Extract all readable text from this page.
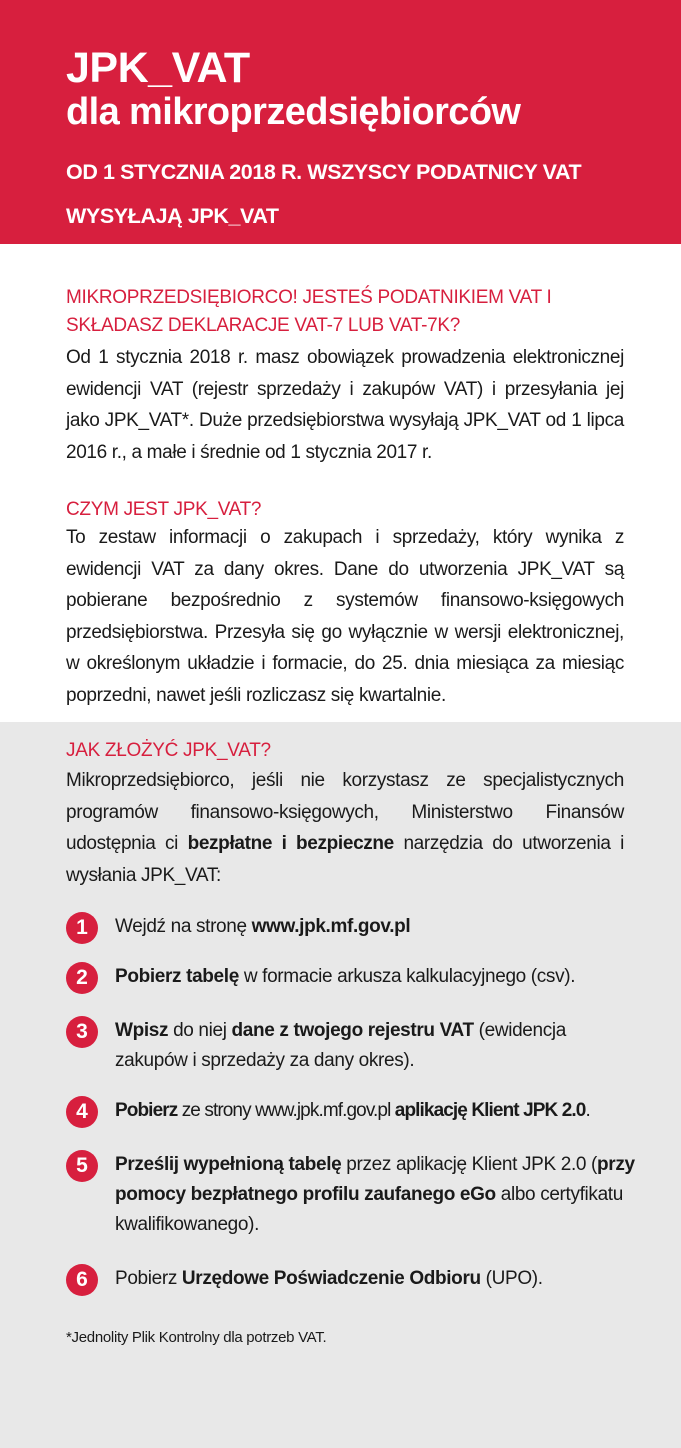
JPK_VAT
dla mikroprzedsiębiorców
OD 1 STYCZNIA 2018 R. WSZYSCY PODATNICY VAT WYSYŁAJĄ JPK_VAT
MIKROPRZEDSIĘBIORCO! JESTEŚ PODATNIKIEM VAT I SKŁADASZ DEKLARACJE VAT-7 LUB VAT-7K?
Od 1 stycznia 2018 r. masz obowiązek prowadzenia elektronicznej ewidencji VAT (rejestr sprzedaży i zakupów VAT) i przesyłania jej jako JPK_VAT*. Duże przedsiębiorstwa wysyłają JPK_VAT od 1 lipca 2016 r., a małe i średnie od 1 stycznia 2017 r.
CZYM JEST JPK_VAT?
To zestaw informacji o zakupach i sprzedaży, który wynika z ewidencji VAT za dany okres. Dane do utworzenia JPK_VAT są pobierane bezpośrednio z systemów finansowo-księgowych przedsiębiorstwa. Przesyła się go wyłącznie w wersji elektronicznej, w określonym układzie i formacie, do 25. dnia miesiąca za miesiąc poprzedni, nawet jeśli rozliczasz się kwartalnie.
JAK ZŁOŻYĆ JPK_VAT?
Mikroprzedsiębiorco, jeśli nie korzystasz ze specjalistycznych programów finansowo-księgowych, Ministerstwo Finansów udostępnia ci bezpłatne i bezpieczne narzędzia do utworzenia i wysłania JPK_VAT:
1	Wejdź na stronę www.jpk.mf.gov.pl
2	Pobierz tabelę w formacie arkusza kalkulacyjnego (csv).
3	Wpisz do niej dane z twojego rejestru VAT (ewidencja zakupów i sprzedaży za dany okres).
4	Pobierz ze strony www.jpk.mf.gov.pl aplikację Klient JPK 2.0.
5	Prześlij wypełnioną tabelę przez aplikację Klient JPK 2.0 (przy pomocy bezpłatnego profilu zaufanego eGo albo certyfikatu kwalifikowanego).
6	Pobierz Urzędowe Poświadczenie Odbioru (UPO).
*Jednolity Plik Kontrolny dla potrzeb VAT.
